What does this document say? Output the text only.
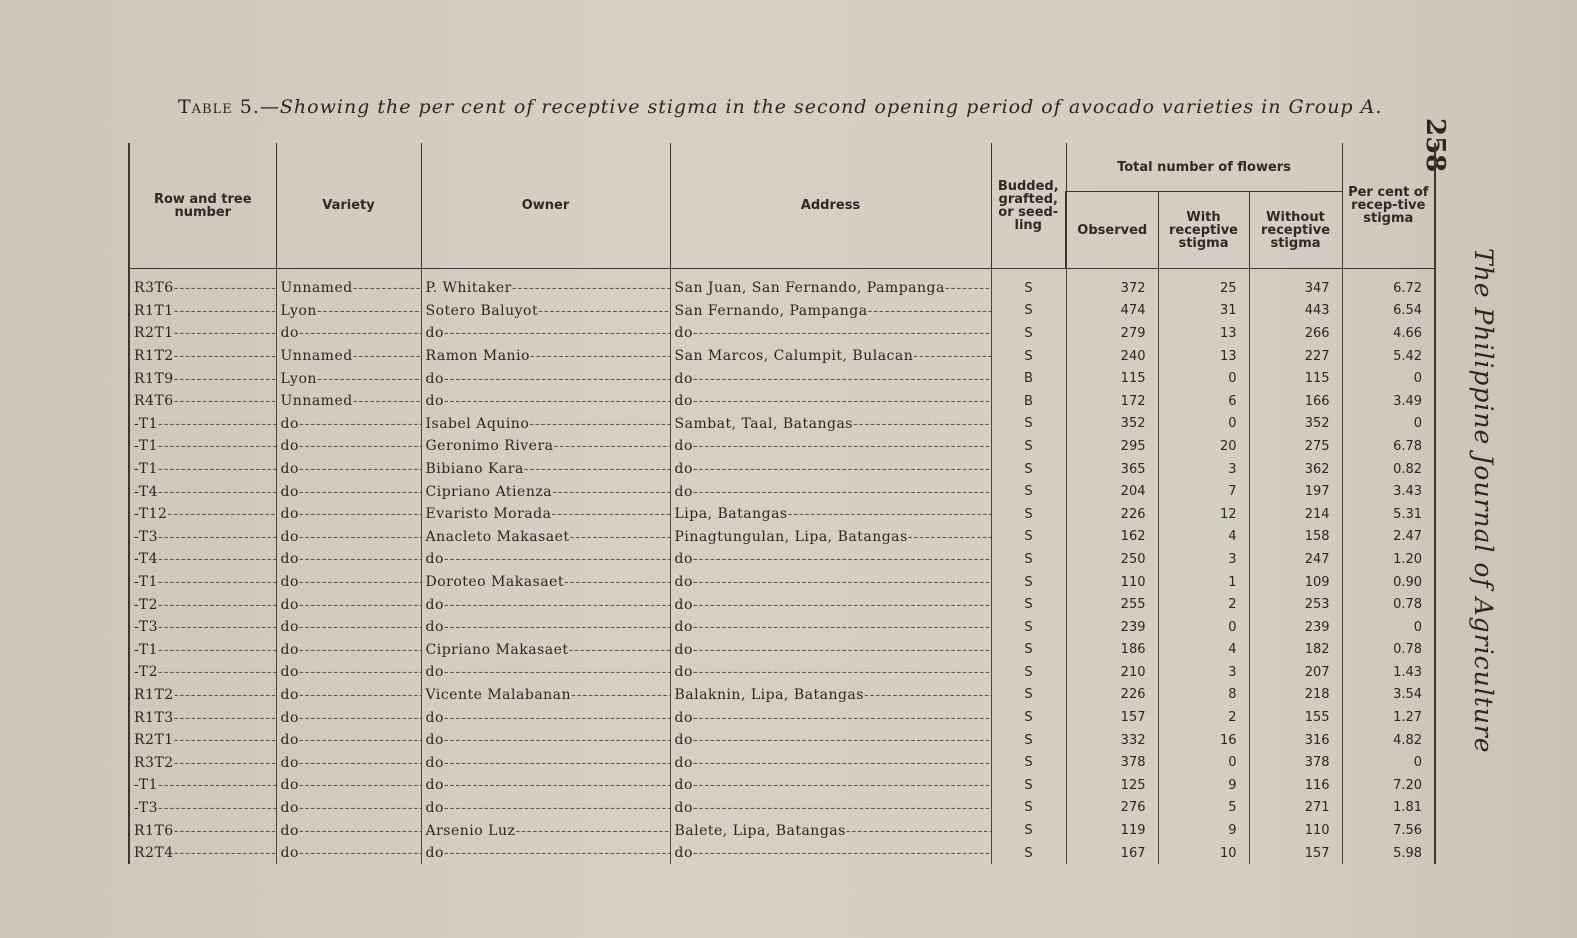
Table 5.—Showing the per cent of receptive stigma in the second opening period of avocado varieties in Group A.
258
The Philippine Journal of Agriculture
Row and tree number	Variety	Owner	Address	Budded, grafted, or seed-ling	Total number of flowers			Per cent of recep-tive stigma
					Observed	With receptive stigma	Without receptive stigma	
R3T6 -----	Unnamed -----	P. Whitaker -----	San Juan, San Fernando, Pampanga -----	S	372	25	347	6.72
R1T1 -----	Lyon -----	Sotero Baluyot -----	San Fernando, Pampanga -----	S	474	31	443	6.54
R2T1 -----	do -----	do -----	do -----	S	279	13	266	4.66
R1T2 -----	Unnamed -----	Ramon Manio -----	San Marcos, Calumpit, Bulacan -----	S	240	13	227	5.42
R1T9 -----	Lyon -----	do -----	do -----	B	115	0	115	0
R4T6 -----	Unnamed -----	do -----	do -----	B	172	6	166	3.49
-T1 -----	do -----	Isabel Aquino -----	Sambat, Taal, Batangas -----	S	352	0	352	0
-T1 -----	do -----	Geronimo Rivera -----	do -----	S	295	20	275	6.78
-T1 -----	do -----	Bibiano Kara -----	do -----	S	365	3	362	0.82
-T4 -----	do -----	Cipriano Atienza -----	do -----	S	204	7	197	3.43
-T12 -----	do -----	Evaristo Morada -----	Lipa, Batangas -----	S	226	12	214	5.31
-T3 -----	do -----	Anacleto Makasaet -----	Pinagtungulan, Lipa, Batangas -----	S	162	4	158	2.47
-T4 -----	do -----	do -----	do -----	S	250	3	247	1.20
-T1 -----	do -----	Doroteo Makasaet -----	do -----	S	110	1	109	0.90
-T2 -----	do -----	do -----	do -----	S	255	2	253	0.78
-T3 -----	do -----	do -----	do -----	S	239	0	239	0
-T1 -----	do -----	Cipriano Makasaet -----	do -----	S	186	4	182	0.78
-T2 -----	do -----	do -----	do -----	S	210	3	207	1.43
R1T2 -----	do -----	Vicente Malabanan -----	Balaknin, Lipa, Batangas -----	S	226	8	218	3.54
R1T3 -----	do -----	do -----	do -----	S	157	2	155	1.27
R2T1 -----	do -----	do -----	do -----	S	332	16	316	4.82
R3T2 -----	do -----	do -----	do -----	S	378	0	378	0
-T1 -----	do -----	do -----	do -----	S	125	9	116	7.20
-T3 -----	do -----	do -----	do -----	S	276	5	271	1.81
R1T6 -----	do -----	Arsenio Luz -----	Balete, Lipa, Batangas -----	S	119	9	110	7.56
R2T4 -----	do -----	do -----	do -----	S	167	10	157	5.98
